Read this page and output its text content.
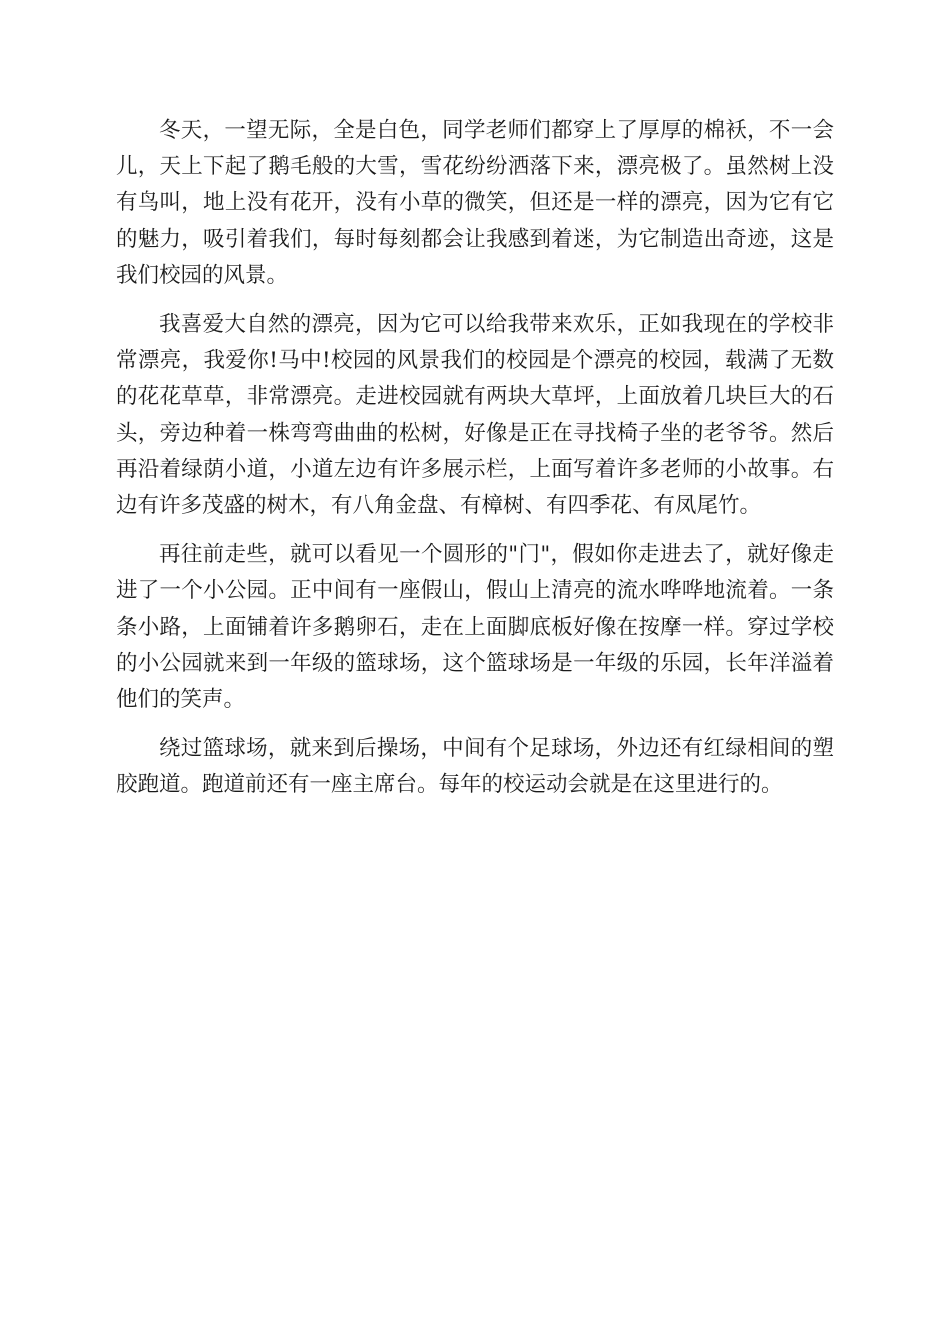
冬天，一望无际，全是白色，同学老师们都穿上了厚厚的棉袄，不一会儿，天上下起了鹅毛般的大雪，雪花纷纷洒落下来，漂亮极了。虽然树上没有鸟叫，地上没有花开，没有小草的微笑，但还是一样的漂亮，因为它有它的魅力，吸引着我们，每时每刻都会让我感到着迷，为它制造出奇迹，这是我们校园的风景。

我喜爱大自然的漂亮，因为它可以给我带来欢乐，正如我现在的学校非常漂亮，我爱你!马中!校园的风景我们的校园是个漂亮的校园，载满了无数的花花草草，非常漂亮。走进校园就有两块大草坪，上面放着几块巨大的石头，旁边种着一株弯弯曲曲的松树，好像是正在寻找椅子坐的老爷爷。然后再沿着绿荫小道，小道左边有许多展示栏，上面写着许多老师的小故事。右边有许多茂盛的树木，有八角金盘、有樟树、有四季花、有凤尾竹。

再往前走些，就可以看见一个圆形的"门"，假如你走进去了，就好像走进了一个小公园。正中间有一座假山，假山上清亮的流水哗哗地流着。一条条小路，上面铺着许多鹅卵石，走在上面脚底板好像在按摩一样。穿过学校的小公园就来到一年级的篮球场，这个篮球场是一年级的乐园，长年洋溢着他们的笑声。

绕过篮球场，就来到后操场，中间有个足球场，外边还有红绿相间的塑胶跑道。跑道前还有一座主席台。每年的校运动会就是在这里进行的。
